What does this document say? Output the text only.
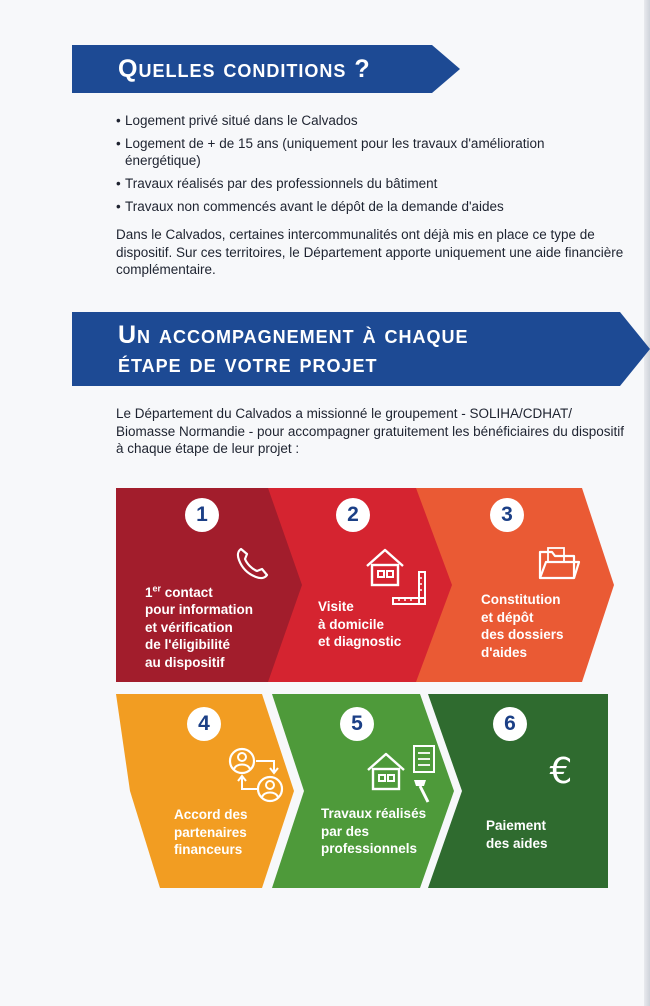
Quelles conditions ?
• Logement privé situé dans le Calvados
• Logement de + de 15 ans (uniquement pour les travaux d'amélioration énergétique)
• Travaux réalisés par des professionnels du bâtiment
• Travaux non commencés avant le dépôt de la demande d'aides

Dans le Calvados, certaines intercommunalités ont déjà mis en place ce type de dispositif. Sur ces territoires, le Département apporte uniquement une aide financière complémentaire.

Un accompagnement à chaque
étape de votre projet

Le Département du Calvados a missionné le groupement - SOLIHA/CDHAT/ Biomasse Normandie - pour accompagner gratuitement les bénéficiaires du dispositif à chaque étape de leur projet :

1	2	3
4	5	6
€
1er contact
pour information
et vérification
de l'éligibilité
au dispositif
Visite
à domicile
et diagnostic
Constitution
et dépôt
des dossiers
d'aides
Accord des
partenaires
financeurs
Travaux réalisés
par des
professionnels
Paiement
des aides
